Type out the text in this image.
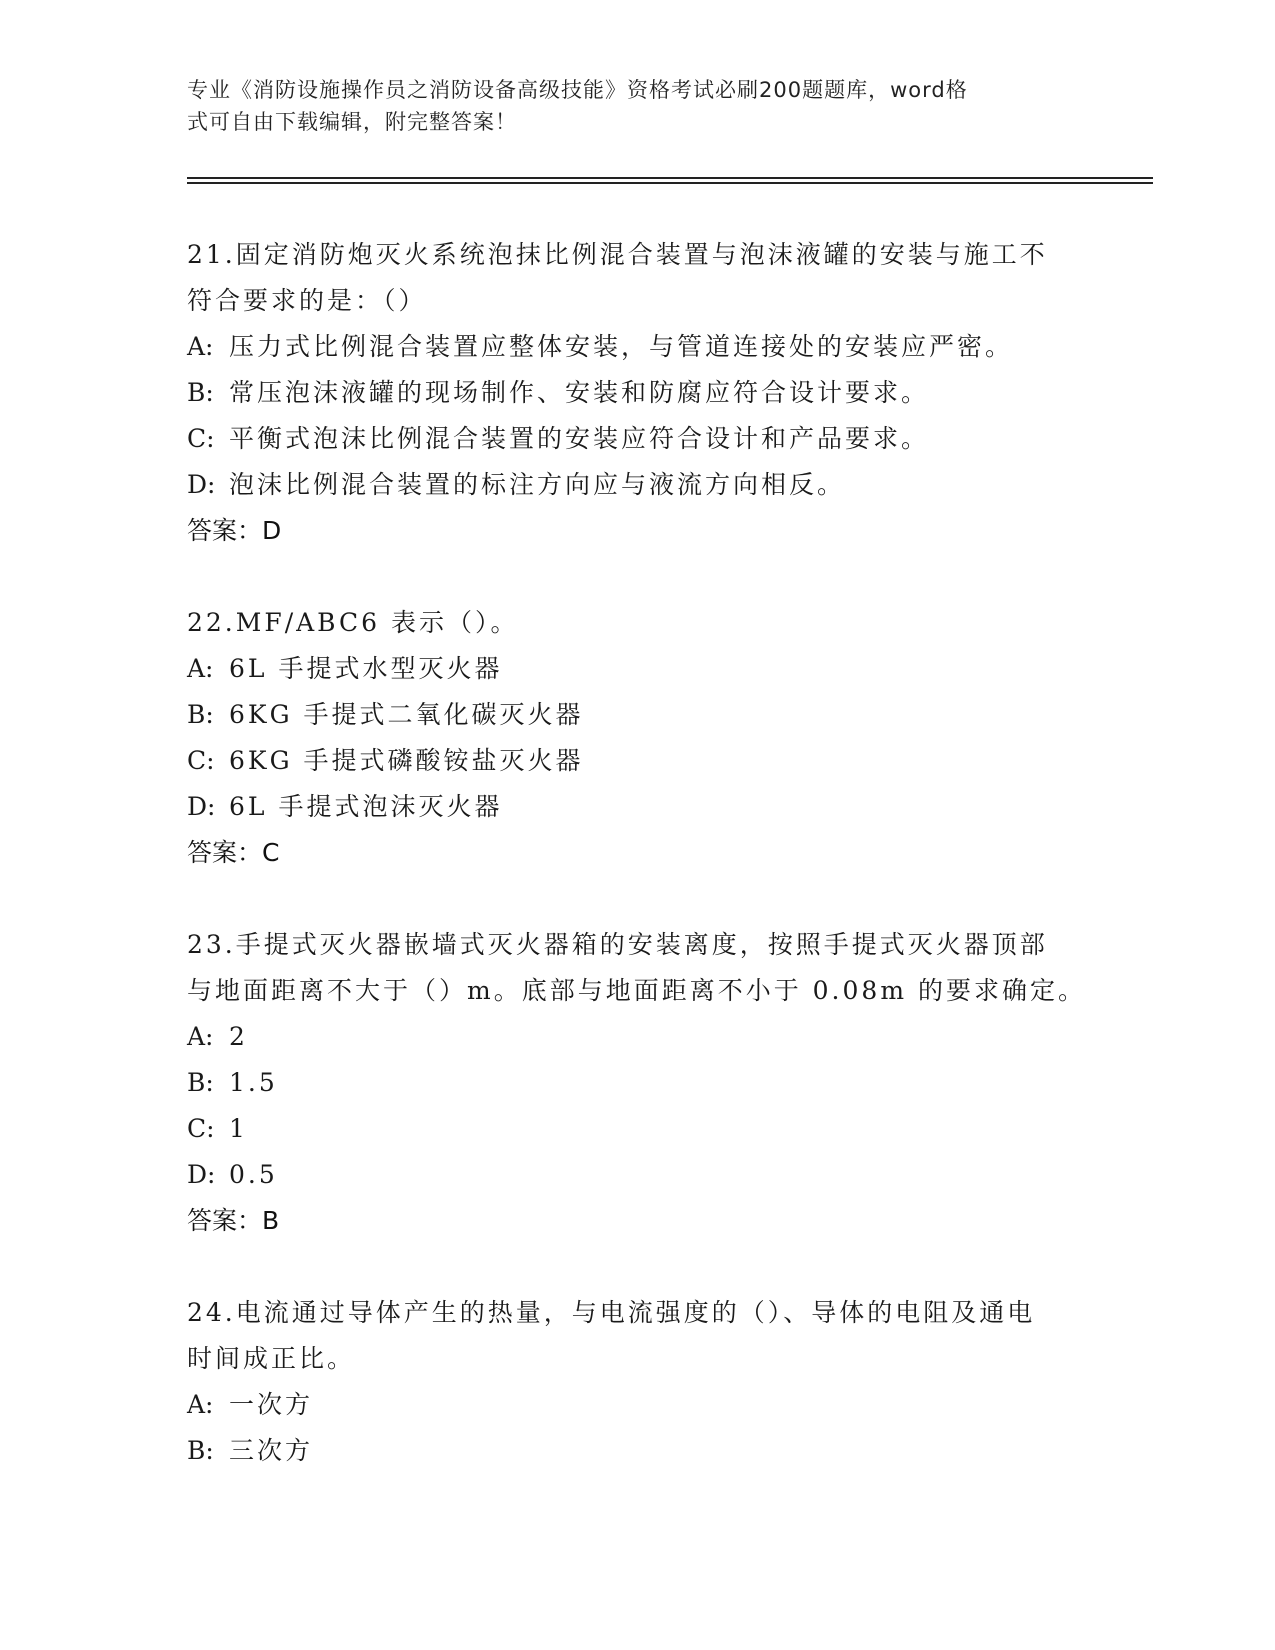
专业《消防设施操作员之消防设备高级技能》资格考试必刷200题题库，word格
式可自由下载编辑，附完整答案！
21.固定消防炮灭火系统泡抹比例混合装置与泡沫液罐的安装与施工不
符合要求的是：（）
A: 压力式比例混合装置应整体安装，与管道连接处的安装应严密。
B: 常压泡沫液罐的现场制作、安装和防腐应符合设计要求。
C: 平衡式泡沫比例混合装置的安装应符合设计和产品要求。
D: 泡沫比例混合装置的标注方向应与液流方向相反。
答案：D
22.MF/ABC6 表示（）。
A: 6L 手提式水型灭火器
B: 6KG 手提式二氧化碳灭火器
C: 6KG 手提式磷酸铵盐灭火器
D: 6L 手提式泡沫灭火器
答案：C
23.手提式灭火器嵌墙式灭火器箱的安装离度，按照手提式灭火器顶部
与地面距离不大于（）m。底部与地面距离不小于 0.08m 的要求确定。
A: 2
B: 1.5
C: 1
D: 0.5
答案：B
24.电流通过导体产生的热量，与电流强度的（）、导体的电阻及通电
时间成正比。
A: 一次方
B: 三次方
